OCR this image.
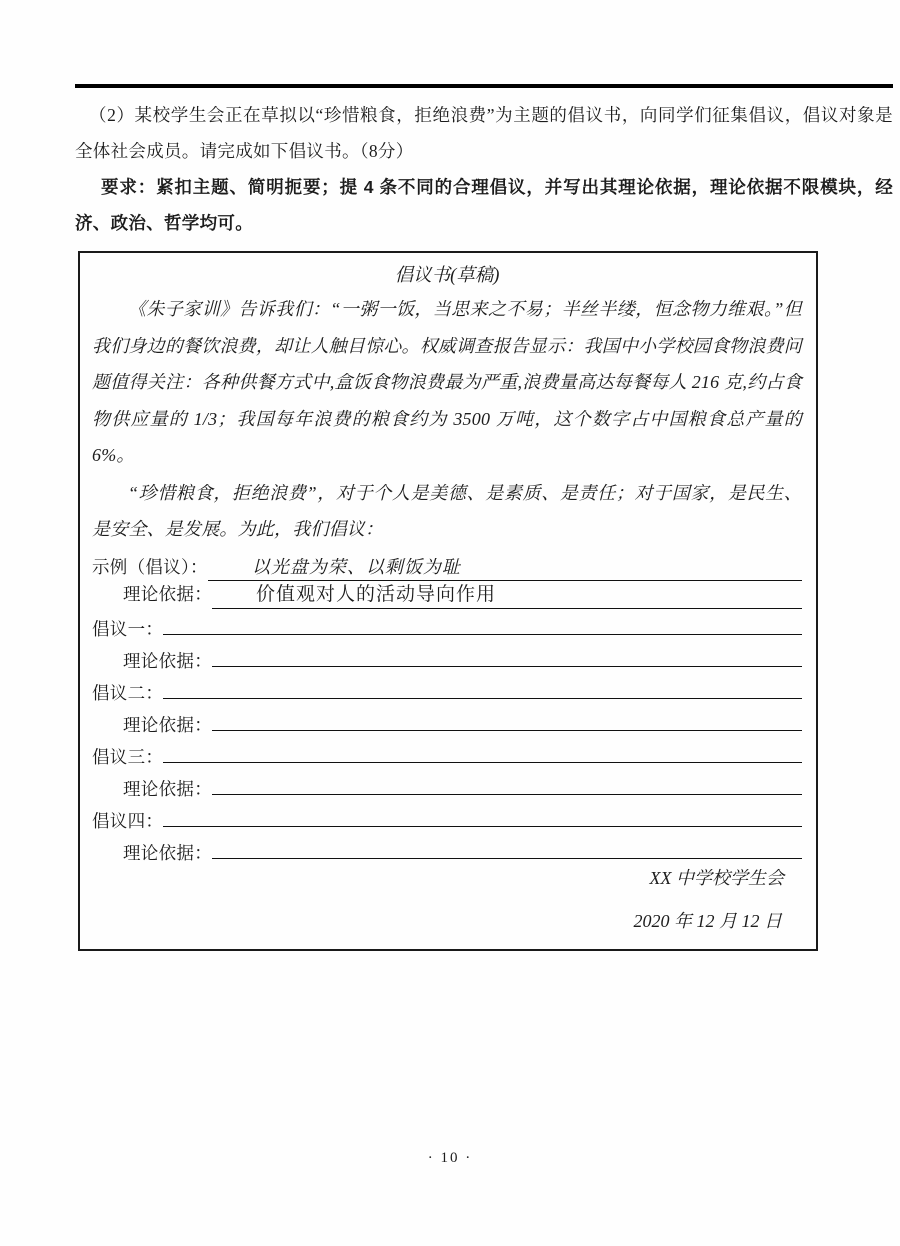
（2）某校学生会正在草拟以“珍惜粮食，拒绝浪费”为主题的倡议书，向同学们征集倡议，倡议对象是全体社会成员。请完成如下倡议书。（8分）

要求：紧扣主题、简明扼要；提 4 条不同的合理倡议，并写出其理论依据，理论依据不限模块，经济、政治、哲学均可。

倡议书(草稿)

《朱子家训》告诉我们：“一粥一饭，当思来之不易；半丝半缕，恒念物力维艰。”但我们身边的餐饮浪费，却让人触目惊心。权威调查报告显示：我国中小学校园食物浪费问题值得关注：各种供餐方式中,盒饭食物浪费最为严重,浪费量高达每餐每人 216 克,约占食物供应量的 1/3；我国每年浪费的粮食约为 3500 万吨，这个数字占中国粮食总产量的 6%。

“珍惜粮食，拒绝浪费”，对于个人是美德、是素质、是责任；对于国家，是民生、是安全、是发展。为此，我们倡议：

示例（倡议）：	以光盘为荣、以剩饭为耻
理论依据：	价值观对人的活动导向作用
倡议一：
理论依据：
倡议二：
理论依据：
倡议三：
理论依据：
倡议四：
理论依据：
XX 中学校学生会
2020 年 12 月 12 日
· 10 ·
